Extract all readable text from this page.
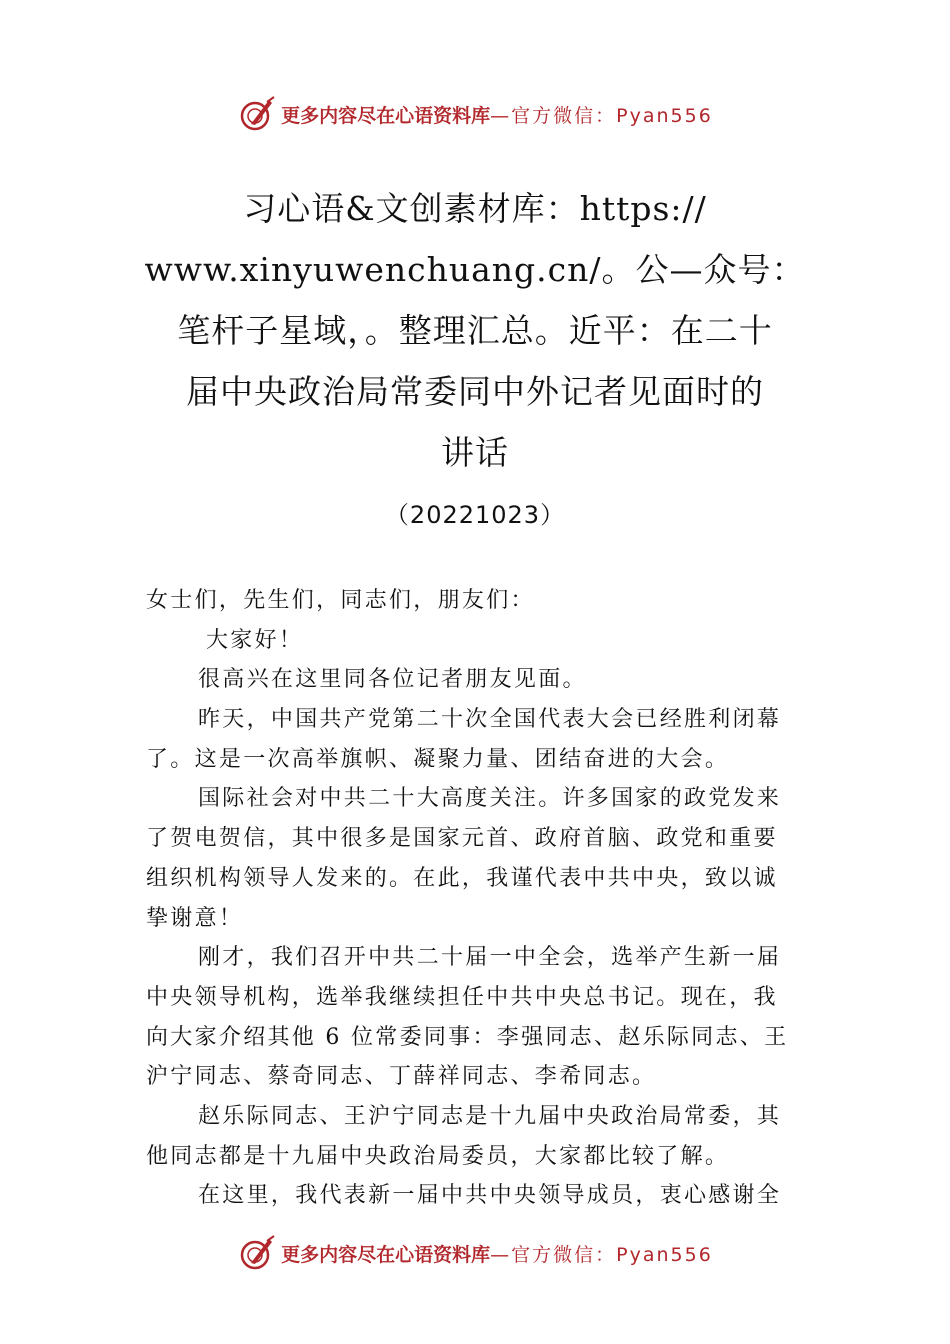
更多内容尽在心语资料库 —官方微信：Pyan556
习心语&文创素材库：https://
www.xinyuwenchuang.cn/。公—众号：
笔杆子星域，。整理汇总。近平：在二十
届中央政治局常委同中外记者见面时的
讲话
（20221023）
女士们，先生们，同志们，朋友们：
大家好！
很高兴在这里同各位记者朋友见面。
昨天，中国共产党第二十次全国代表大会已经胜利闭幕
了。这是一次高举旗帜、凝聚力量、团结奋进的大会。
国际社会对中共二十大高度关注。许多国家的政党发来
了贺电贺信，其中很多是国家元首、政府首脑、政党和重要
组织机构领导人发来的。在此，我谨代表中共中央，致以诚
挚谢意！
刚才，我们召开中共二十届一中全会，选举产生新一届
中央领导机构，选举我继续担任中共中央总书记。现在，我
向大家介绍其他 6 位常委同事：李强同志、赵乐际同志、王
沪宁同志、蔡奇同志、丁薛祥同志、李希同志。
赵乐际同志、王沪宁同志是十九届中央政治局常委，其
他同志都是十九届中央政治局委员，大家都比较了解。
在这里，我代表新一届中共中央领导成员，衷心感谢全
更多内容尽在心语资料库 —官方微信：Pyan556
